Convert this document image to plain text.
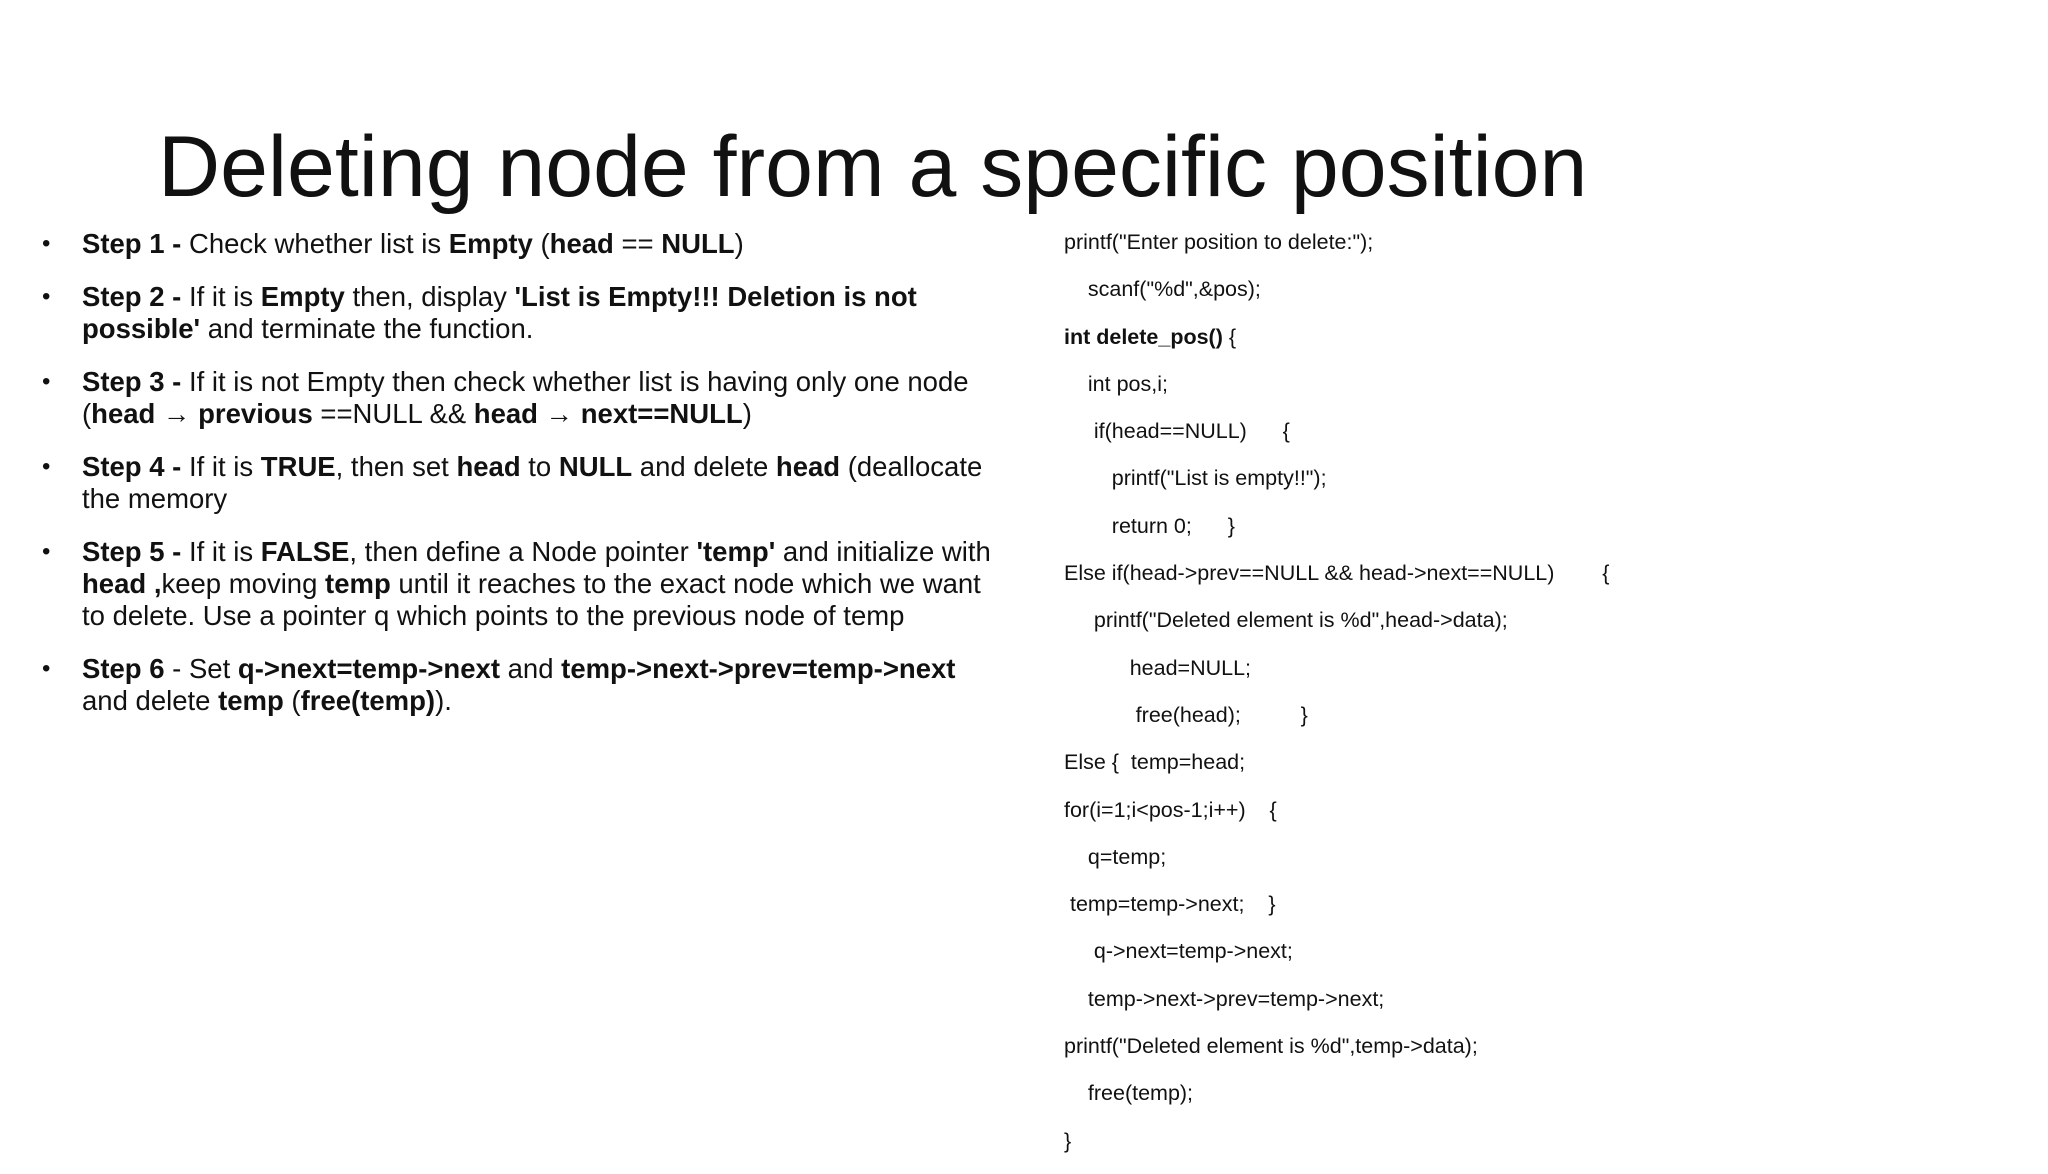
Deleting node from a specific position
• Step 1 - Check whether list is Empty (head == NULL)
• Step 2 - If it is Empty then, display 'List is Empty!!! Deletion is not possible' and terminate the function.
• Step 3 - If it is not Empty then check whether list is having only one node (head → previous ==NULL && head → next==NULL)
• Step 4 - If it is TRUE, then set head to NULL and delete head (deallocate the memory
• Step 5 - If it is FALSE, then define a Node pointer 'temp' and initialize with head ,keep moving temp until it reaches to the exact node which we want to delete. Use a pointer q which points to the previous node of temp
• Step 6 - Set q->next=temp->next and temp->next->prev=temp->next and delete temp (free(temp)).
printf("Enter position to delete:");
scanf("%d",&pos);
int delete_pos() {
int pos,i;
if(head==NULL)      {
printf("List is empty!!");
return 0;      }
Else if(head->prev==NULL && head->next==NULL)        {
printf("Deleted element is %d",head->data);
head=NULL;
free(head);          }
Else {  temp=head;
for(i=1;i<pos-1;i++)    {
q=temp;
temp=temp->next;    }
q->next=temp->next;
temp->next->prev=temp->next;
printf("Deleted element is %d",temp->data);
free(temp);
}
